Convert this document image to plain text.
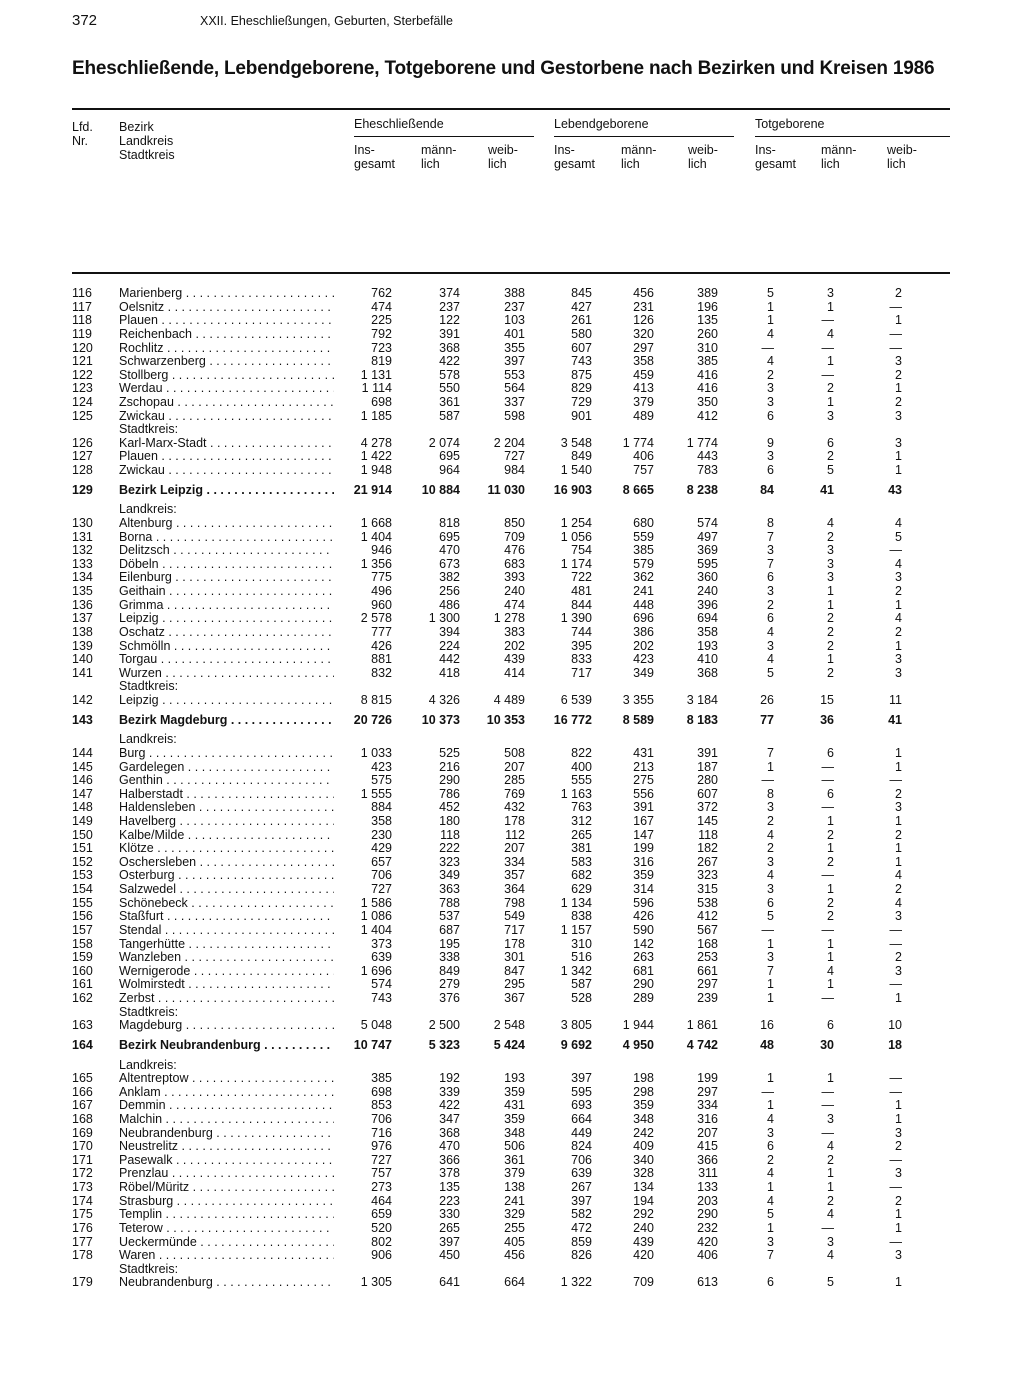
372	XXII. Eheschließungen, Geburten, Sterbefälle
Eheschließende, Lebendgeborene, Totgeborene und Gestorbene nach Bezirken und Kreisen 1986
Lfd.
Nr.
Bezirk
Landkreis
Stadtkreis
Eheschließende	Lebendgeborene	Totgeborene
Ins-
gesamt
männ-
lich
weib-
lich
Ins-
gesamt
männ-
lich
weib-
lich
Ins-
gesamt
männ-
lich
weib-
lich
116	Marienberg . . .	762	374	388	845	456	389	5	3	2
117	Oelsnitz . . .	474	237	237	427	231	196	1	1	—
118	Plauen . . .	225	122	103	261	126	135	1	—	1
119	Reichenbach . . .	792	391	401	580	320	260	4	4	—
120	Rochlitz . . .	723	368	355	607	297	310	—	—	—
121	Schwarzenberg . . .	819	422	397	743	358	385	4	1	3
122	Stollberg . . .	1 131	578	553	875	459	416	2	—	2
123	Werdau . . .	1 114	550	564	829	413	416	3	2	1
124	Zschopau . . .	698	361	337	729	379	350	3	1	2
125	Zwickau . . .	1 185	587	598	901	489	412	6	3	3
Stadtkreis:
126	Karl-Marx-Stadt . . .	4 278	2 074	2 204	3 548	1 774	1 774	9	6	3
127	Plauen . . .	1 422	695	727	849	406	443	3	2	1
128	Zwickau . . .	1 948	964	984	1 540	757	783	6	5	1
129	Bezirk Leipzig . . .	21 914	10 884	11 030	16 903	8 665	8 238	84	41	43
Landkreis:
130	Altenburg . . .	1 668	818	850	1 254	680	574	8	4	4
131	Borna . . .	1 404	695	709	1 056	559	497	7	2	5
132	Delitzsch . . .	946	470	476	754	385	369	3	3	—
133	Döbeln . . .	1 356	673	683	1 174	579	595	7	3	4
134	Eilenburg . . .	775	382	393	722	362	360	6	3	3
135	Geithain . . .	496	256	240	481	241	240	3	1	2
136	Grimma . . .	960	486	474	844	448	396	2	1	1
137	Leipzig . . .	2 578	1 300	1 278	1 390	696	694	6	2	4
138	Oschatz . . .	777	394	383	744	386	358	4	2	2
139	Schmölln . . .	426	224	202	395	202	193	3	2	1
140	Torgau . . .	881	442	439	833	423	410	4	1	3
141	Wurzen . . .	832	418	414	717	349	368	5	2	3
Stadtkreis:
142	Leipzig . . .	8 815	4 326	4 489	6 539	3 355	3 184	26	15	11
143	Bezirk Magdeburg . . .	20 726	10 373	10 353	16 772	8 589	8 183	77	36	41
Landkreis:
144	Burg . . .	1 033	525	508	822	431	391	7	6	1
145	Gardelegen . . .	423	216	207	400	213	187	1	—	1
146	Genthin . . .	575	290	285	555	275	280	—	—	—
147	Halberstadt . . .	1 555	786	769	1 163	556	607	8	6	2
148	Haldensleben . . .	884	452	432	763	391	372	3	—	3
149	Havelberg . . .	358	180	178	312	167	145	2	1	1
150	Kalbe/Milde . . .	230	118	112	265	147	118	4	2	2
151	Klötze . . .	429	222	207	381	199	182	2	1	1
152	Oschersleben . . .	657	323	334	583	316	267	3	2	1
153	Osterburg . . .	706	349	357	682	359	323	4	—	4
154	Salzwedel . . .	727	363	364	629	314	315	3	1	2
155	Schönebeck . . .	1 586	788	798	1 134	596	538	6	2	4
156	Staßfurt . . .	1 086	537	549	838	426	412	5	2	3
157	Stendal . . .	1 404	687	717	1 157	590	567	—	—	—
158	Tangerhütte . . .	373	195	178	310	142	168	1	1	—
159	Wanzleben . . .	639	338	301	516	263	253	3	1	2
160	Wernigerode . . .	1 696	849	847	1 342	681	661	7	4	3
161	Wolmirstedt . . .	574	279	295	587	290	297	1	1	—
162	Zerbst . . .	743	376	367	528	289	239	1	—	1
Stadtkreis:
163	Magdeburg . . .	5 048	2 500	2 548	3 805	1 944	1 861	16	6	10
164	Bezirk Neubrandenburg . . .	10 747	5 323	5 424	9 692	4 950	4 742	48	30	18
Landkreis:
165	Altentreptow . . .	385	192	193	397	198	199	1	1	—
166	Anklam . . .	698	339	359	595	298	297	—	—	—
167	Demmin . . .	853	422	431	693	359	334	1	—	1
168	Malchin . . .	706	347	359	664	348	316	4	3	1
169	Neubrandenburg . . .	716	368	348	449	242	207	3	—	3
170	Neustrelitz . . .	976	470	506	824	409	415	6	4	2
171	Pasewalk . . .	727	366	361	706	340	366	2	2	—
172	Prenzlau . . .	757	378	379	639	328	311	4	1	3
173	Röbel/Müritz . . .	273	135	138	267	134	133	1	1	—
174	Strasburg . . .	464	223	241	397	194	203	4	2	2
175	Templin . . .	659	330	329	582	292	290	5	4	1
176	Teterow . . .	520	265	255	472	240	232	1	—	1
177	Ueckermünde . . .	802	397	405	859	439	420	3	3	—
178	Waren . . .	906	450	456	826	420	406	7	4	3
Stadtkreis:
179	Neubrandenburg . . .	1 305	641	664	1 322	709	613	6	5	1
